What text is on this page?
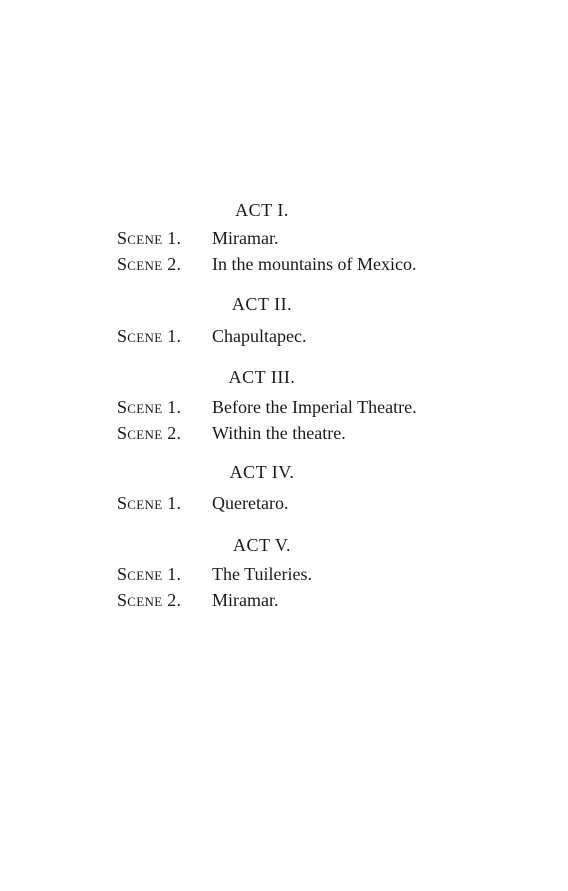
ACT I.
Scene 1. Miramar.
Scene 2. In the mountains of Mexico.
ACT II.
Scene 1. Chapultapec.
ACT III.
Scene 1. Before the Imperial Theatre.
Scene 2. Within the theatre.
ACT IV.
Scene 1. Queretaro.
ACT V.
Scene 1. The Tuileries.
Scene 2. Miramar.
